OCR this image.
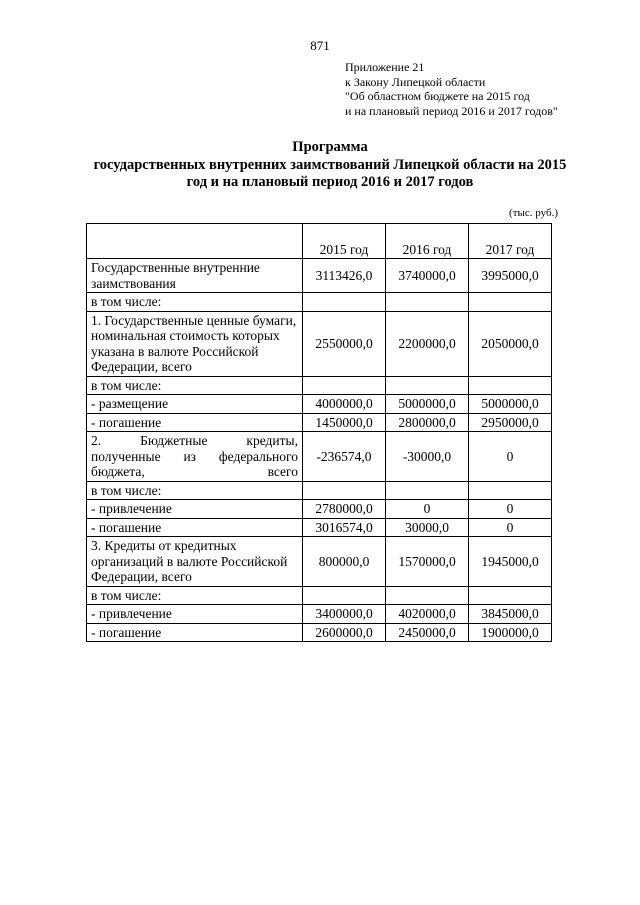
871
Приложение 21
к Закону Липецкой области
"Об областном бюджете на 2015 год
и на плановый период 2016 и 2017 годов"
Программа
государственных внутренних заимствований Липецкой области на 2015
год и на плановый период 2016 и 2017 годов
(тыс. руб.)
	2015 год	2016 год	2017 год
Государственные внутренние заимствования	3113426,0	3740000,0	3995000,0
в том числе:			
1. Государственные ценные бумаги, номинальная стоимость которых указана в валюте Российской Федерации, всего	2550000,0	2200000,0	2050000,0
в том числе:			
- размещение	4000000,0	5000000,0	5000000,0
- погашение	1450000,0	2800000,0	2950000,0

2. Бюджетные кредиты, полученные из федерального бюджета, всего	-236574,0	-30000,0	0
в том числе:			
- привлечение	2780000,0	0	0
- погашение	3016574,0	30000,0	0
3. Кредиты от кредитных организаций в валюте Российской Федерации, всего	800000,0	1570000,0	1945000,0
в том числе:			
- привлечение	3400000,0	4020000,0	3845000,0
- погашение	2600000,0	2450000,0	1900000,0
